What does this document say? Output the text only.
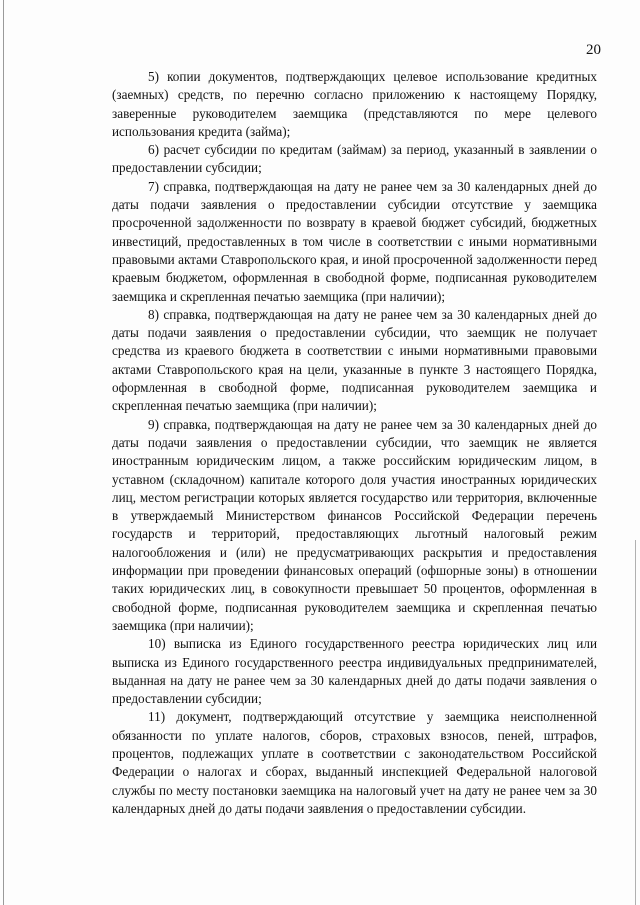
20

5) копии документов, подтверждающих целевое использование кредитных (заемных) средств, по перечню согласно приложению к настоящему Порядку, заверенные руководителем заемщика (представляются по мере целевого использования кредита (займа);

6) расчет субсидии по кредитам (займам) за период, указанный в заявлении о предоставлении субсидии;

7) справка, подтверждающая на дату не ранее чем за 30 календарных дней до даты подачи заявления о предоставлении субсидии отсутствие у заемщика просроченной задолженности по возврату в краевой бюджет субсидий, бюджетных инвестиций, предоставленных в том числе в соответствии с иными нормативными правовыми актами Ставропольского края, и иной просроченной задолженности перед краевым бюджетом, оформленная в свободной форме, подписанная руководителем заемщика и скрепленная печатью заемщика (при наличии);

8) справка, подтверждающая на дату не ранее чем за 30 календарных дней до даты подачи заявления о предоставлении субсидии, что заемщик не получает средства из краевого бюджета в соответствии с иными нормативными правовыми актами Ставропольского края на цели, указанные в пункте 3 настоящего Порядка, оформленная в свободной форме, подписанная руководителем заемщика и скрепленная печатью заемщика (при наличии);

9) справка, подтверждающая на дату не ранее чем за 30 календарных дней до даты подачи заявления о предоставлении субсидии, что заемщик не является иностранным юридическим лицом, а также российским юридическим лицом, в уставном (складочном) капитале которого доля участия иностранных юридических лиц, местом регистрации которых является государство или территория, включенные в утверждаемый Министерством финансов Российской Федерации перечень государств и территорий, предоставляющих льготный налоговый режим налогообложения и (или) не предусматривающих раскрытия и предоставления информации при проведении финансовых операций (офшорные зоны) в отношении таких юридических лиц, в совокупности превышает 50 процентов, оформленная в свободной форме, подписанная руководителем заемщика и скрепленная печатью заемщика (при наличии);

10) выписка из Единого государственного реестра юридических лиц или выписка из Единого государственного реестра индивидуальных предпринимателей, выданная на дату не ранее чем за 30 календарных дней до даты подачи заявления о предоставлении субсидии;

11) документ, подтверждающий отсутствие у заемщика неисполненной обязанности по уплате налогов, сборов, страховых взносов, пеней, штрафов, процентов, подлежащих уплате в соответствии с законодательством Российской Федерации о налогах и сборах, выданный инспекцией Федеральной налоговой службы по месту постановки заемщика на налоговый учет на дату не ранее чем за 30 календарных дней до даты подачи заявления о предоставлении субсидии.
